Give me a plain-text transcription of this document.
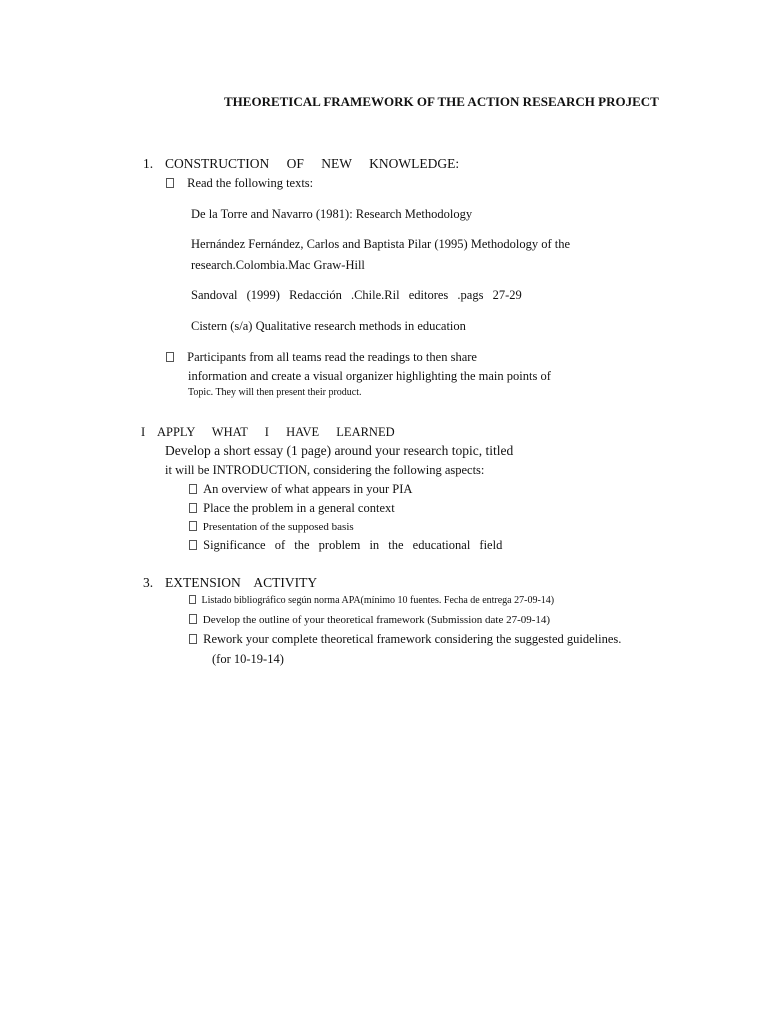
THEORETICAL FRAMEWORK OF THE ACTION RESEARCH PROJECT
1. CONSTRUCTION OF NEW KNOWLEDGE:
Read the following texts:
De la Torre and Navarro (1981): Research Methodology
Hernández Fernández, Carlos and Baptista Pilar (1995) Methodology of the
research.Colombia.Mac Graw-Hill
Sandoval (1999) Redacción .Chile.Ril editores .pags 27-29
Cistern (s/a) Qualitative research methods in education
Participants from all teams read the readings to then share
information and create a visual organizer highlighting the main points of
Topic. They will then present their product.
I APPLY WHAT I HAVE LEARNED
Develop a short essay (1 page) around your research topic, titled
it will be INTRODUCTION, considering the following aspects:
An overview of what appears in your PIA
Place the problem in a general context
Presentation of the supposed basis
Significance of the problem in the educational field
3. EXTENSION ACTIVITY
Listado bibliográfico según norma APA(mínimo 10 fuentes. Fecha de entrega 27-09-14)
Develop the outline of your theoretical framework (Submission date 27-09-14)
Rework your complete theoretical framework considering the suggested guidelines.
(for 10-19-14)
